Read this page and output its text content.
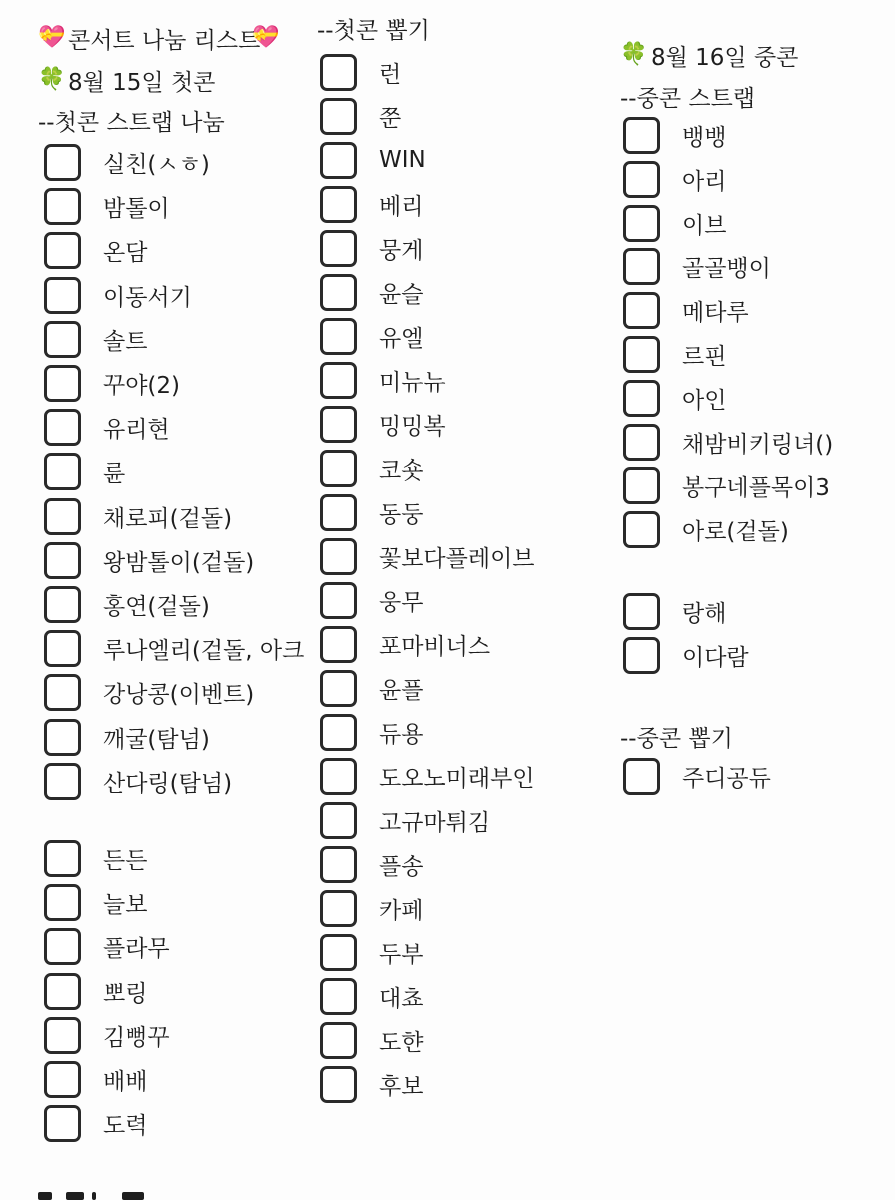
💝 콘서트 나눔 리스트
💝
🍀 8월 15일 첫콘
--첫콘 스트랩 나눔
--첫콘 뽑기
🍀 8월 16일 중콘
--중콘 스트랩
--중콘 뽑기
실친(ㅅㅎ)
밤톨이
온담
이동서기
솔트
꾸야(2)
유리현
륜
채로피(겉돌)
왕밤톨이(겉돌)
홍연(겉돌)
루나엘리(겉돌, 아크
강낭콩(이벤트)
깨굴(탐넘)
산다링(탐넘)
든든
늘보
플라무
뽀링
김뻥꾸
배배
도력
런
쭌
WIN
베리
뭉게
윤슬
유엘
미뉴뉴
밍밍복
코숏
동둥
꽃보다플레이브
웅무
포마비너스
윤플
듀용
도오노미래부인
고규마튀김
플송
카페
두부
대쵸
도햔
후보
뱅뱅
아리
이브
골골뱅이
메타루
르핀
아인
채밤비키링녀()
봉구네플목이3
아로(겉돌)
랑해
이다람
주디공듀
